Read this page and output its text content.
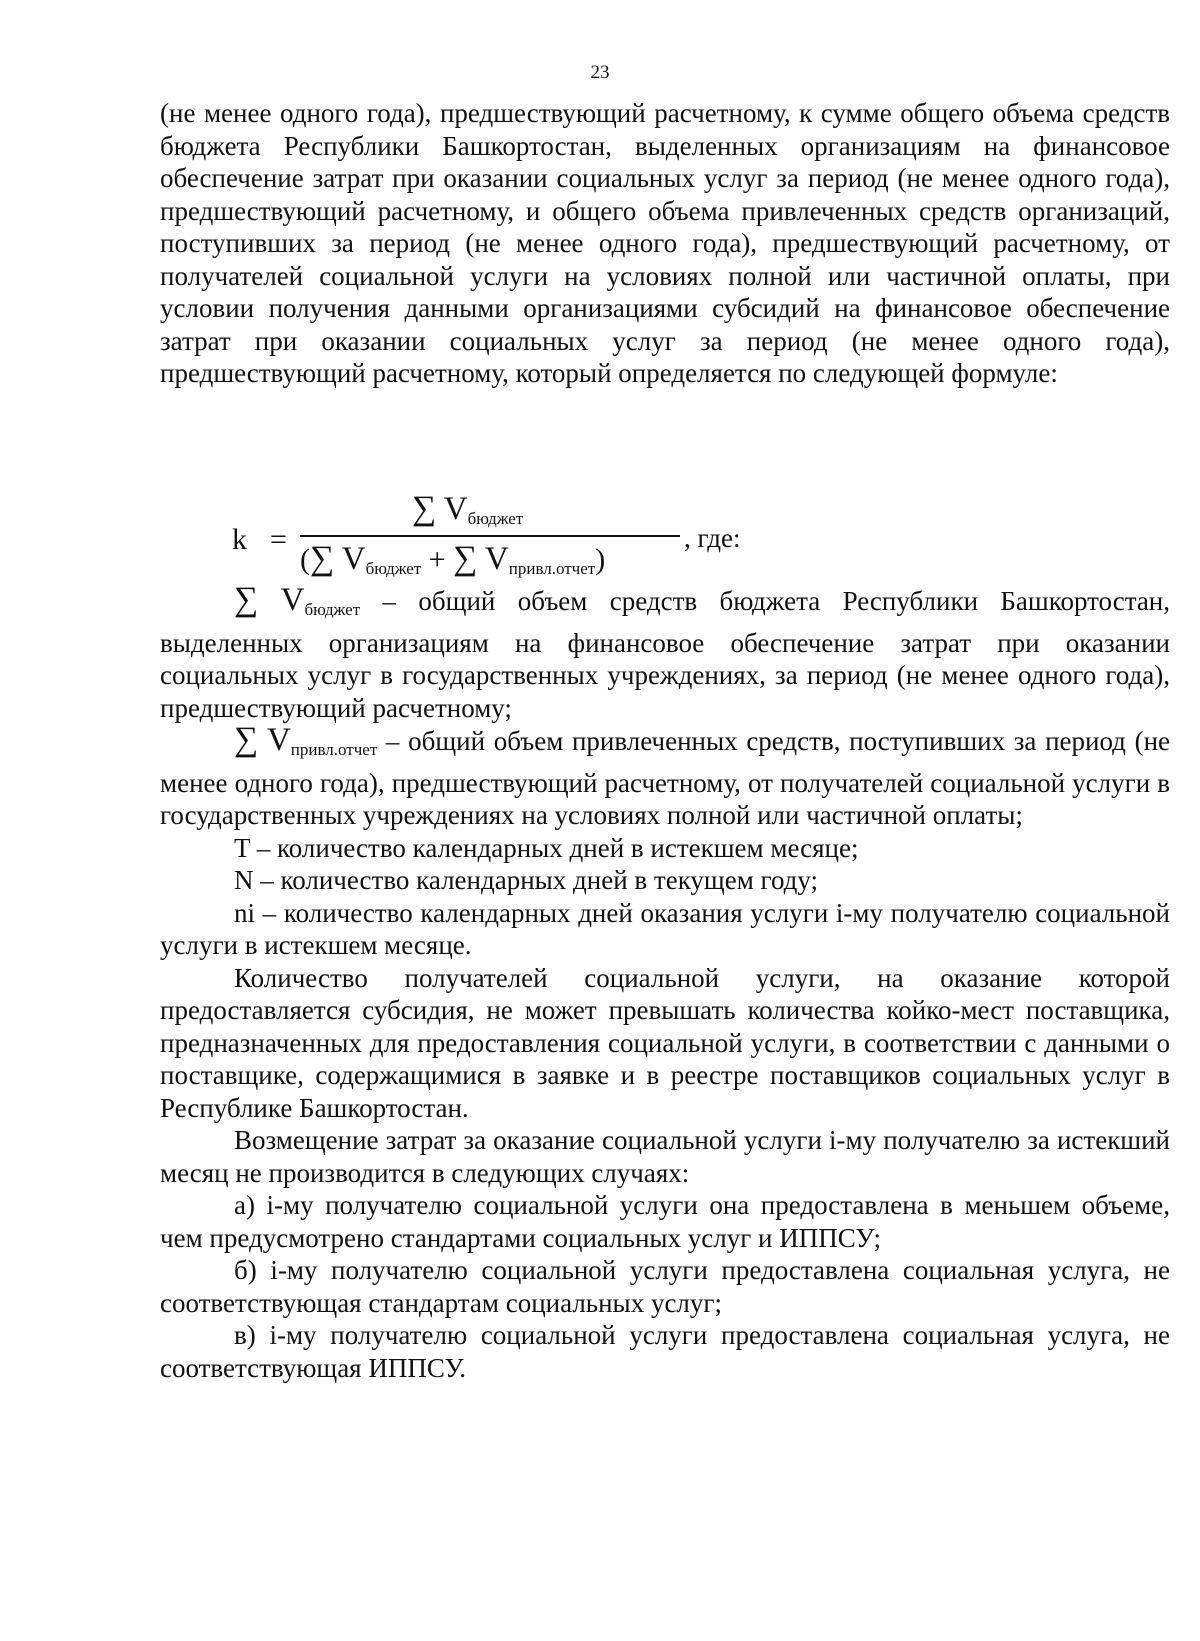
23

(не менее одного года), предшествующий расчетному, к сумме общего объема средств бюджета Республики Башкортостан, выделенных организациям на финансовое обеспечение затрат при оказании социальных услуг за период (не менее одного года), предшествующий расчетному, и общего объема привлеченных средств организаций, поступивших за период (не менее одного года), предшествующий расчетному, от получателей социальной услуги на условиях полной или частичной оплаты, при условии получения данными организациями субсидий на финансовое обеспечение затрат при оказании социальных услуг за период (не менее одного года), предшествующий расчетному, который определяется по следующей формуле:

k =
∑ $V_{бюджет}$
(∑ $V_{бюджет}$ + ∑ $V_{привл.отчет}$)
, где:

∑ $V_{бюджет}$ – общий объем средств бюджета Республики Башкортостан, выделенных организациям на финансовое обеспечение затрат при оказании социальных услуг в государственных учреждениях, за период (не менее одного года), предшествующий расчетному;

∑ $V_{привл.отчет}$ – общий объем привлеченных средств, поступивших за период (не менее одного года), предшествующий расчетному, от получателей социальной услуги в государственных учреждениях на условиях полной или частичной оплаты;

T – количество календарных дней в истекшем месяце;

N – количество календарных дней в текущем году;

ni – количество календарных дней оказания услуги i-му получателю социальной услуги в истекшем месяце.

Количество получателей социальной услуги, на оказание которой предоставляется субсидия, не может превышать количества койко-мест поставщика, предназначенных для предоставления социальной услуги, в соответствии с данными о поставщике, содержащимися в заявке и в реестре поставщиков социальных услуг в Республике Башкортостан.

Возмещение затрат за оказание социальной услуги i-му получателю за истекший месяц не производится в следующих случаях:

а) i-му получателю социальной услуги она предоставлена в меньшем объеме, чем предусмотрено стандартами социальных услуг и ИППСУ;

б) i-му получателю социальной услуги предоставлена социальная услуга, не соответствующая стандартам социальных услуг;

в) i-му получателю социальной услуги предоставлена социальная услуга, не соответствующая ИППСУ.
